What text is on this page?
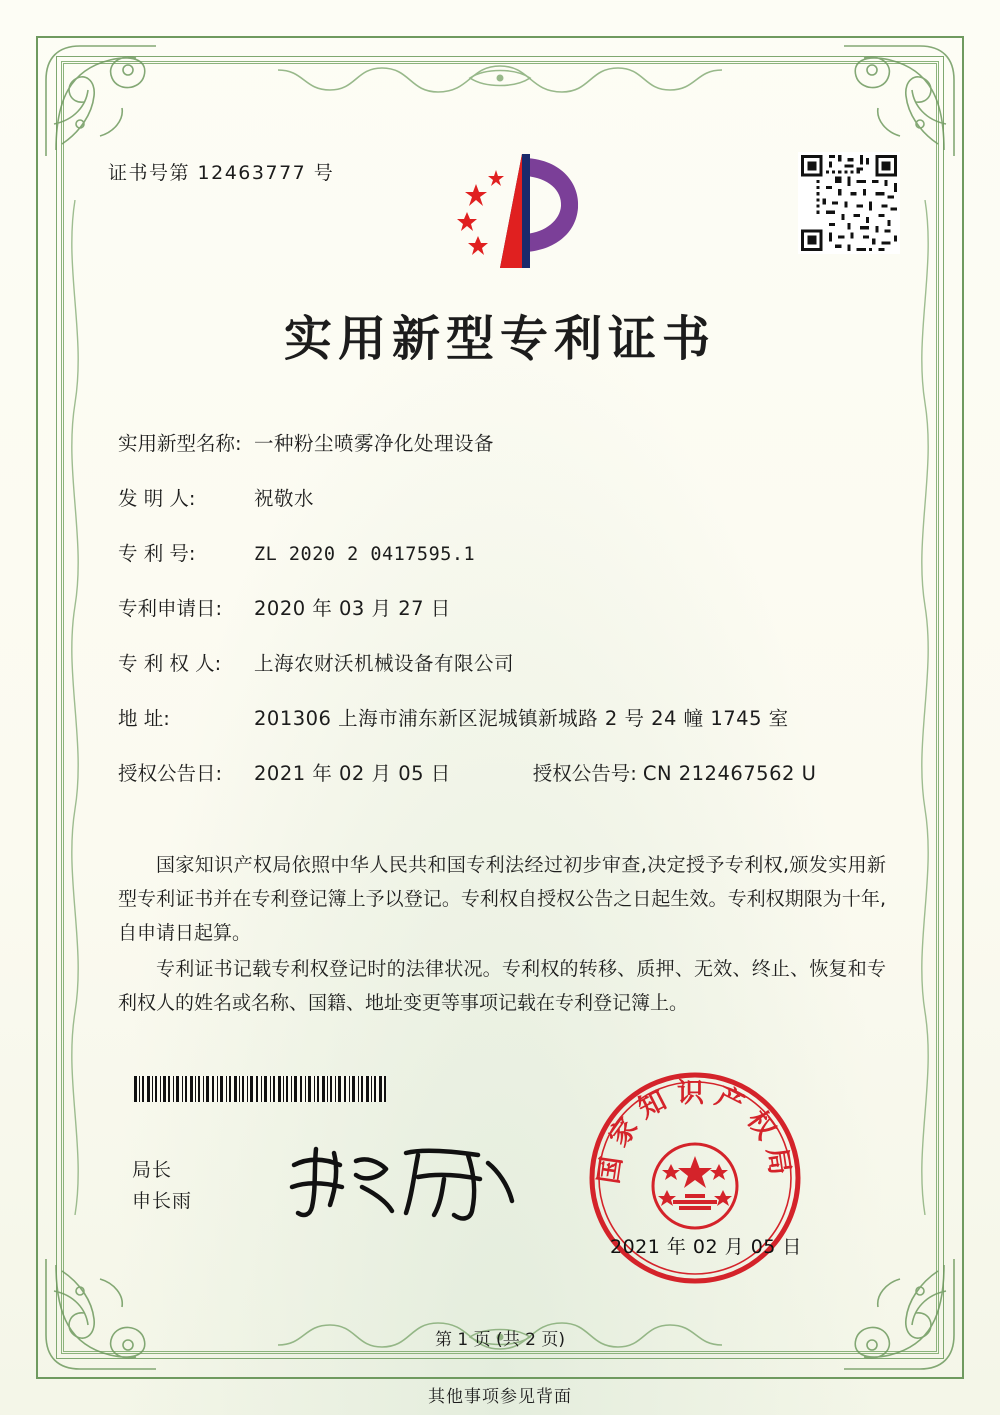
证书号第 12463777 号
实用新型专利证书
实用新型名称: 一种粉尘喷雾净化处理设备
发 明 人:	祝敬水
专 利 号:	ZL 2020 2 0417595.1
专利申请日:	2020 年 03 月 27 日
专 利 权 人:	上海农财沃机械设备有限公司
地 址:	201306 上海市浦东新区泥城镇新城路 2 号 24 幢 1745 室
授权公告日:	2021 年 02 月 05 日	授权公告号: CN 212467562 U

国家知识产权局依照中华人民共和国专利法经过初步审查,决定授予专利权,颁发实用新型专利证书并在专利登记簿上予以登记。专利权自授权公告之日起生效。专利权期限为十年,自申请日起算。

专利证书记载专利权登记时的法律状况。专利权的转移、质押、无效、终止、恢复和专利权人的姓名或名称、国籍、地址变更等事项记载在专利登记簿上。

局长
申长雨
国家知识产权局
2021 年 02 月 05 日
第 1 页 (共 2 页)
其他事项参见背面
